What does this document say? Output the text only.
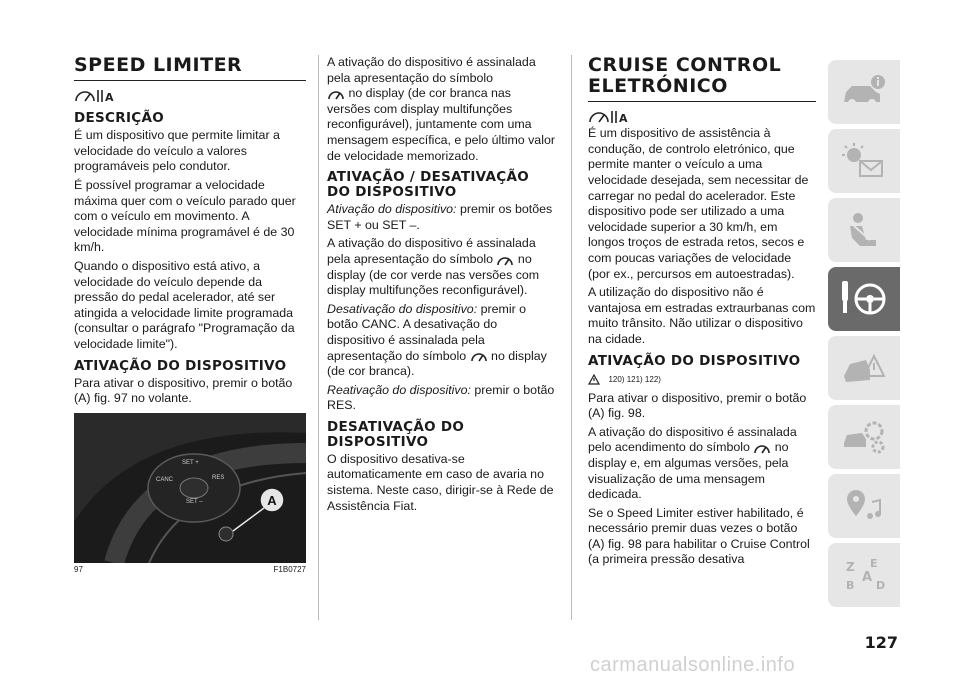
SPEED LIMITER
A
DESCRIÇÃO

É um dispositivo que permite limitar a velocidade do veículo a valores programáveis pelo condutor.

É possível programar a velocidade máxima quer com o veículo parado quer com o veículo em movimento. A velocidade mínima programável é de 30 km/h.

Quando o dispositivo está ativo, a velocidade do veículo depende da pressão do pedal acelerador, até ser atingida a velocidade limite programada (consultar o parágrafo "Programação da velocidade limite").

ATIVAÇÃO DO DISPOSITIVO

Para ativar o dispositivo, premir o botão (A) fig. 97 no volante.

SET +
CANC	RES
SET –	A
97	F1B0727

A ativação do dispositivo é assinalada pela apresentação do símbolo
no display (de cor branca nas versões com display multifunções reconfigurável), juntamente com uma mensagem específica, e pelo último valor de velocidade memorizado.

ATIVAÇÃO / DESATIVAÇÃO DO DISPOSITIVO

Ativação do dispositivo: premir os botões SET + ou SET –.

A ativação do dispositivo é assinalada pela apresentação do símbolo no display (de cor verde nas versões com display multifunções reconfigurável).

Desativação do dispositivo: premir o botão CANC. A desativação do dispositivo é assinalada pela apresentação do símbolo no display (de cor branca).

Reativação do dispositivo: premir o botão RES.

DESATIVAÇÃO DO DISPOSITIVO

O dispositivo desativa-se automaticamente em caso de avaria no sistema. Neste caso, dirigir-se à Rede de Assistência Fiat.

CRUISE CONTROL ELETRÓNICO
A

É um dispositivo de assistência à condução, de controlo eletrónico, que permite manter o veículo a uma velocidade desejada, sem necessitar de carregar no pedal do acelerador. Este dispositivo pode ser utilizado a uma velocidade superior a 30 km/h, em longos troços de estrada retos, secos e com poucas variações de velocidade (por ex., percursos em autoestradas).

A utilização do dispositivo não é vantajosa em estradas extraurbanas com muito trânsito. Não utilizar o dispositivo na cidade.

ATIVAÇÃO DO DISPOSITIVO
120) 121) 122)

Para ativar o dispositivo, premir o botão (A) fig. 98.

A ativação do dispositivo é assinalada pelo acendimento do símbolo no display e, em algumas versões, pela visualização de uma mensagem dedicada.

Se o Speed Limiter estiver habilitado, é necessário premir duas vezes o botão (A) fig. 98 para habilitar o Cruise Control (a primeira pressão desativa

Z E
A
B D
127
carmanualsonline.info
